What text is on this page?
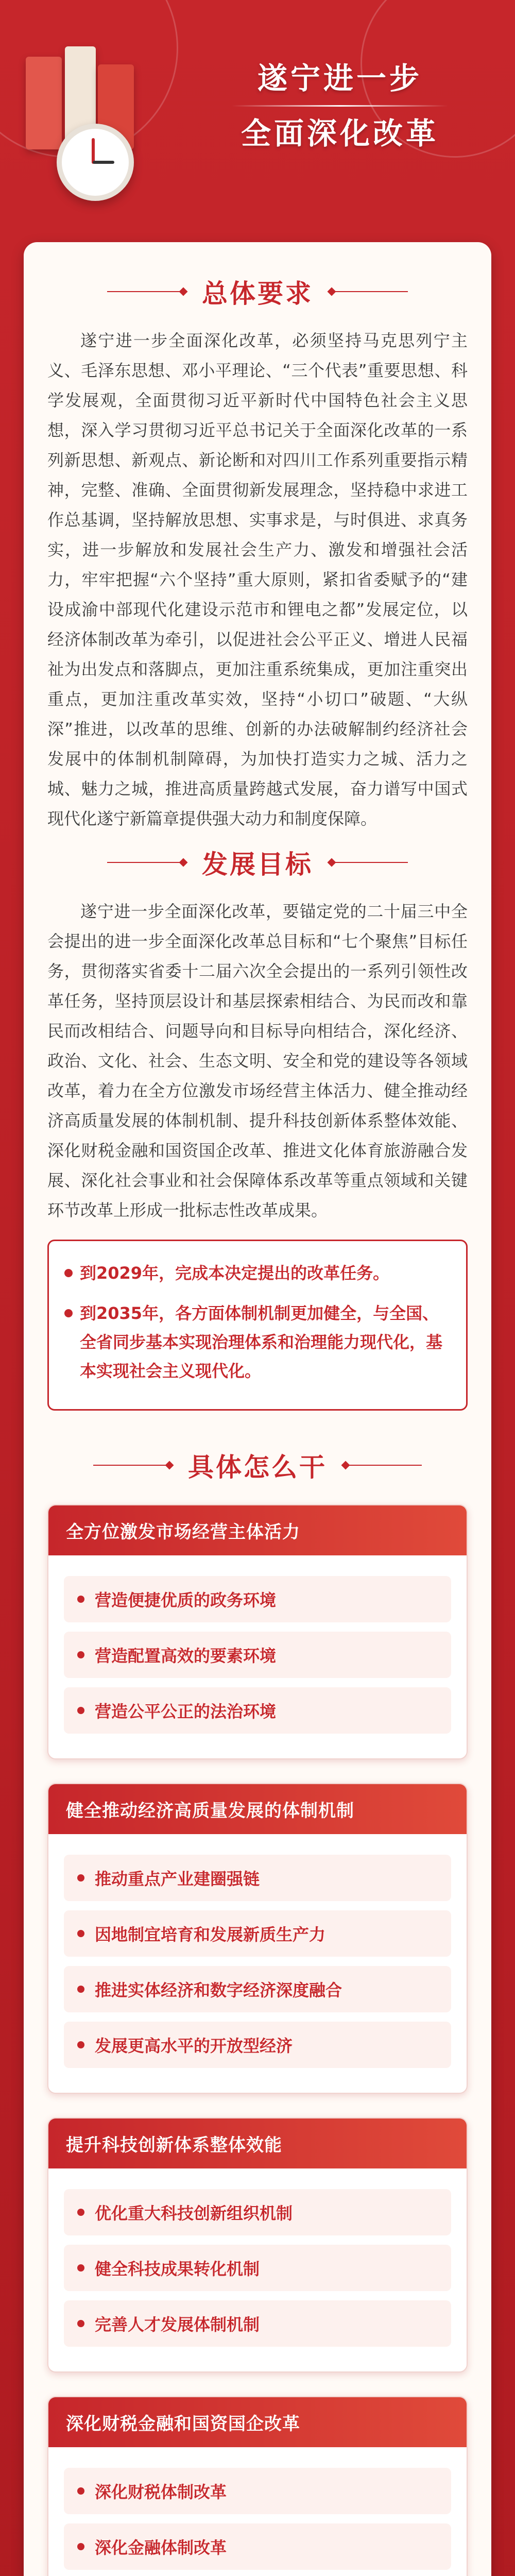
遂宁进一步
全面深化改革
总体要求

遂宁进一步全面深化改革，必须坚持马克思列宁主义、毛泽东思想、邓小平理论、“三个代表”重要思想、科学发展观，全面贯彻习近平新时代中国特色社会主义思想，深入学习贯彻习近平总书记关于全面深化改革的一系列新思想、新观点、新论断和对四川工作系列重要指示精神，完整、准确、全面贯彻新发展理念，坚持稳中求进工作总基调，坚持解放思想、实事求是，与时俱进、求真务实，进一步解放和发展社会生产力、激发和增强社会活力，牢牢把握“六个坚持”重大原则，紧扣省委赋予的“建设成渝中部现代化建设示范市和锂电之都”发展定位，以经济体制改革为牵引，以促进社会公平正义、增进人民福祉为出发点和落脚点，更加注重系统集成，更加注重突出重点，更加注重改革实效，坚持“小切口”破题、“大纵深”推进，以改革的思维、创新的办法破解制约经济社会发展中的体制机制障碍，为加快打造实力之城、活力之城、魅力之城，推进高质量跨越式发展，奋力谱写中国式现代化遂宁新篇章提供强大动力和制度保障。

发展目标

遂宁进一步全面深化改革，要锚定党的二十届三中全会提出的进一步全面深化改革总目标和“七个聚焦”目标任务，贯彻落实省委十二届六次全会提出的一系列引领性改革任务，坚持顶层设计和基层探索相结合、为民而改和靠民而改相结合、问题导向和目标导向相结合，深化经济、政治、文化、社会、生态文明、安全和党的建设等各领域改革，着力在全方位激发市场经营主体活力、健全推动经济高质量发展的体制机制、提升科技创新体系整体效能、深化财税金融和国资国企改革、推进文化体育旅游融合发展、深化社会事业和社会保障体系改革等重点领域和关键环节改革上形成一批标志性改革成果。

到2029年，完成本决定提出的改革任务。
到2035年，各方面体制机制更加健全，与全国、全省同步基本实现治理体系和治理能力现代化，基本实现社会主义现代化。
具体怎么干
全方位激发市场经营主体活力
营造便捷优质的政务环境
营造配置高效的要素环境
营造公平公正的法治环境
健全推动经济高质量发展的体制机制
推动重点产业建圈强链
因地制宜培育和发展新质生产力
推进实体经济和数字经济深度融合
发展更高水平的开放型经济
提升科技创新体系整体效能
优化重大科技创新组织机制
健全科技成果转化机制
完善人才发展体制机制
深化财税金融和国资国企改革
深化财税体制改革
深化金融体制改革
